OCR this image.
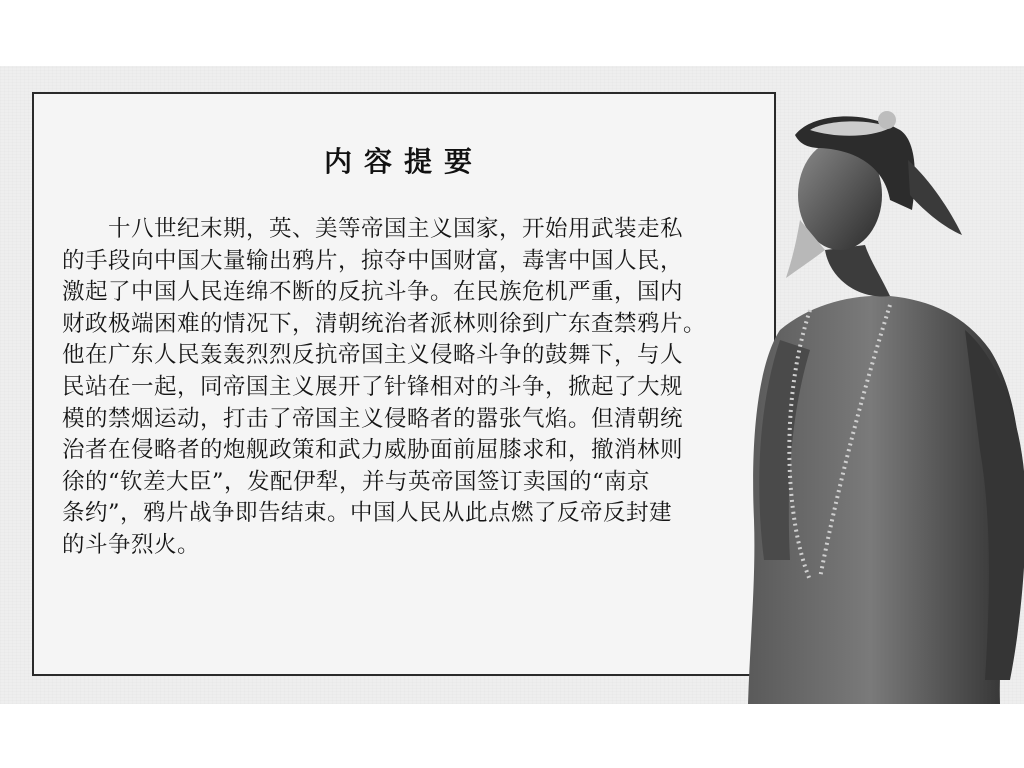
内容提要
十八世纪末期，英、美等帝国主义国家，开始用武装走私
的手段向中国大量输出鸦片，掠夺中国财富，毒害中国人民，
激起了中国人民连绵不断的反抗斗争。在民族危机严重，国内
财政极端困难的情况下，清朝统治者派林则徐到广东查禁鸦片。
他在广东人民轰轰烈烈反抗帝国主义侵略斗争的鼓舞下，与人
民站在一起，同帝国主义展开了针锋相对的斗争，掀起了大规
模的禁烟运动，打击了帝国主义侵略者的嚣张气焰。但清朝统
治者在侵略者的炮舰政策和武力威胁面前屈膝求和，撤消林则
徐的“钦差大臣”，发配伊犁，并与英帝国签订卖国的“南京
条约”，鸦片战争即告结束。中国人民从此点燃了反帝反封建
的斗争烈火。
